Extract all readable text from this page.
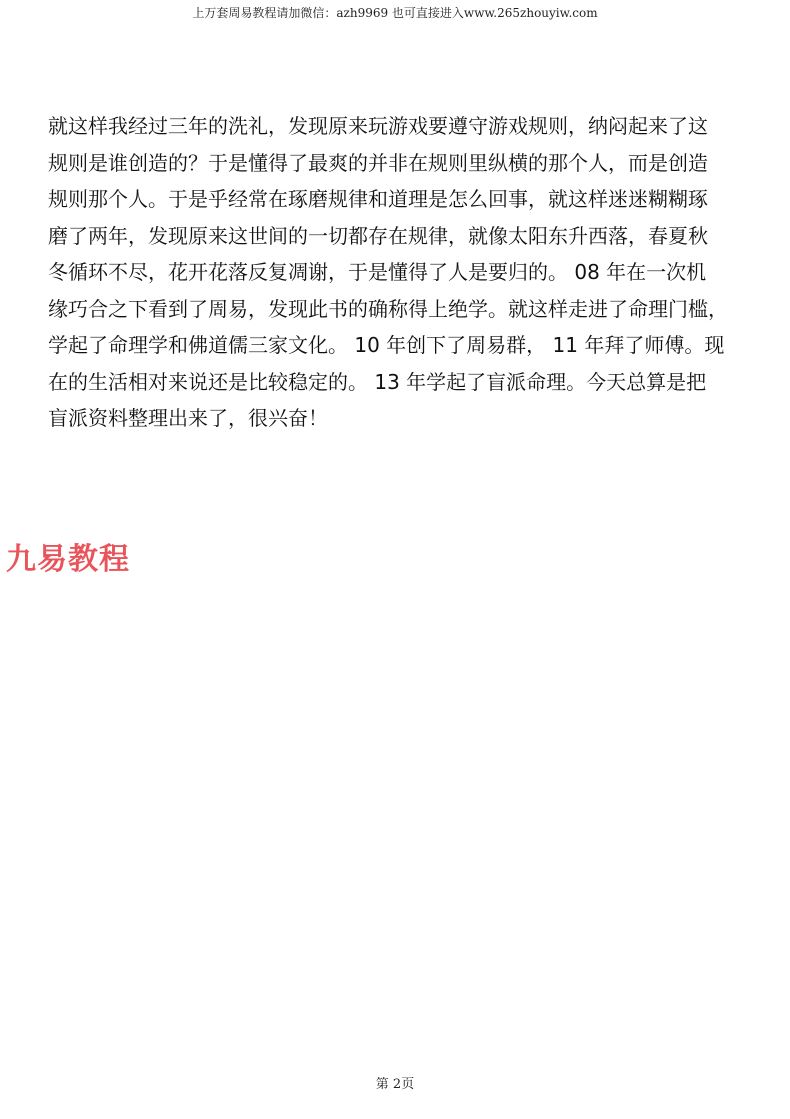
上万套周易教程请加微信：azh9969 也可直接进入www.265zhouyiw.com
就这样我经过三年的洗礼，发现原来玩游戏要遵守游戏规则，纳闷起来了这
规则是谁创造的？于是懂得了最爽的并非在规则里纵横的那个人，而是创造
规则那个人。于是乎经常在琢磨规律和道理是怎么回事，就这样迷迷糊糊琢
磨了两年，发现原来这世间的一切都存在规律，就像太阳东升西落，春夏秋
冬循环不尽，花开花落反复凋谢，于是懂得了人是要归的。 08 年在一次机
缘巧合之下看到了周易，发现此书的确称得上绝学。就这样走进了命理门槛，
学起了命理学和佛道儒三家文化。 10 年创下了周易群， 11 年拜了师傅。现
在的生活相对来说还是比较稳定的。 13 年学起了盲派命理。今天总算是把
盲派资料整理出来了，很兴奋！
九易教程
第 2页
